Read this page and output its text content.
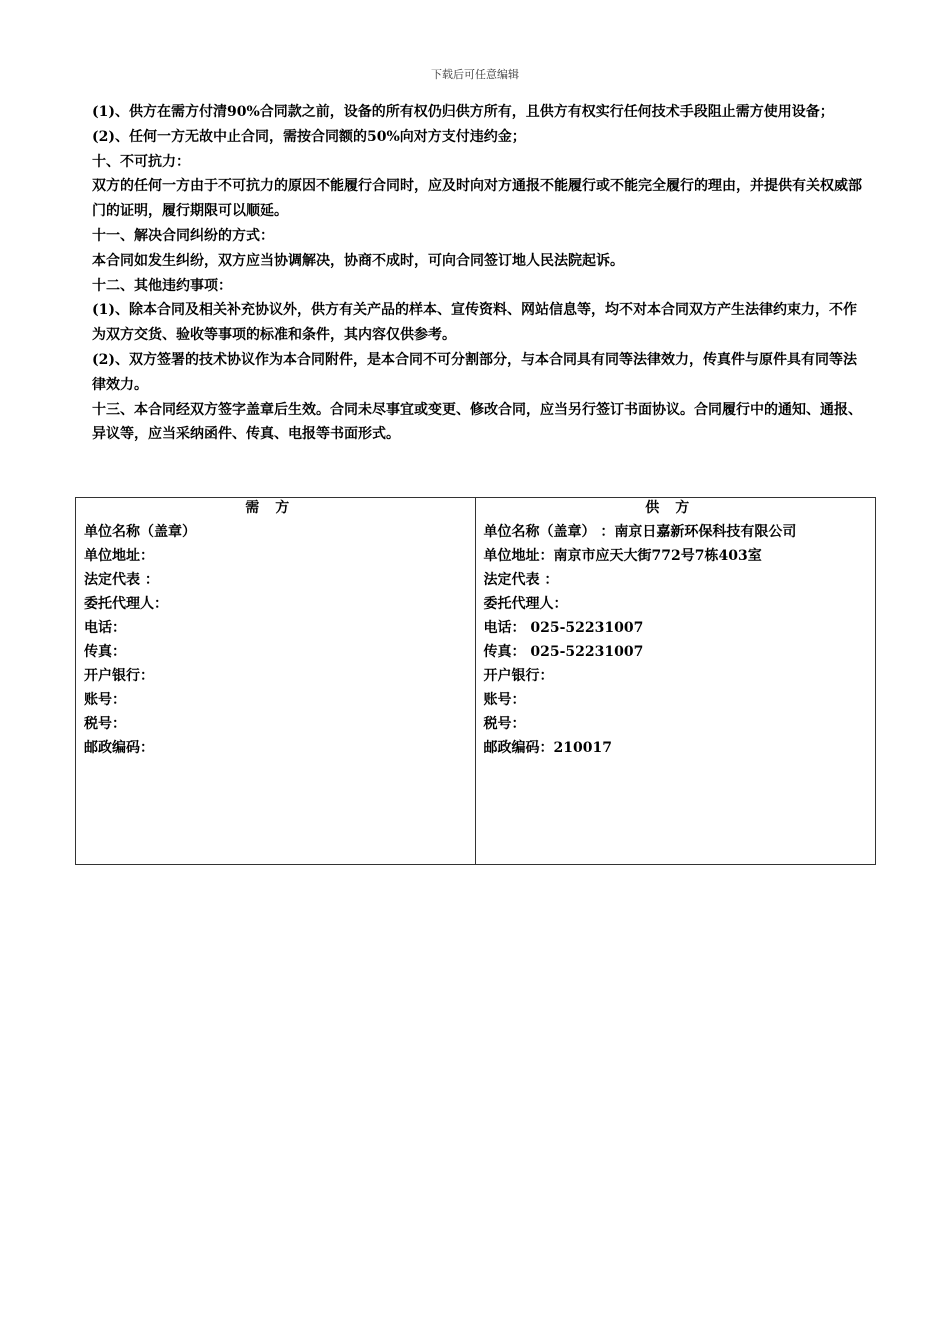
下载后可任意编辑

(1)、供方在需方付清90%合同款之前，设备的所有权仍归供方所有，且供方有权实行任何技术手段阻止需方使用设备；

(2)、任何一方无故中止合同，需按合同额的50%向对方支付违约金；

十、不可抗力：

双方的任何一方由于不可抗力的原因不能履行合同时，应及时向对方通报不能履行或不能完全履行的理由，并提供有关权威部门的证明，履行期限可以顺延。

十一、解决合同纠纷的方式：

本合同如发生纠纷，双方应当协调解决，协商不成时，可向合同签订地人民法院起诉。

十二、其他违约事项：

(1)、除本合同及相关补充协议外，供方有关产品的样本、宣传资料、网站信息等，均不对本合同双方产生法律约束力，不作为双方交货、验收等事项的标准和条件，其内容仅供参考。

(2)、双方签署的技术协议作为本合同附件，是本合同不可分割部分，与本合同具有同等法律效力，传真件与原件具有同等法律效力。

十三、本合同经双方签字盖章后生效。合同未尽事宜或变更、修改合同，应当另行签订书面协议。合同履行中的通知、通报、异议等，应当采纳函件、传真、电报等书面形式。

需方
单位名称（盖章）
单位地址：
法定代表 ：
委托代理人：
电话：
传真：
开户银行：
账号：
税号：
邮政编码：
供方
单位名称（盖章） ：南京日嘉新环保科技有限公司
单位地址：南京市应天大街772号7栋403室
法定代表 ：
委托代理人：
电话： 025-52231007
传真： 025-52231007
开户银行：
账号：
税号：
邮政编码：210017
